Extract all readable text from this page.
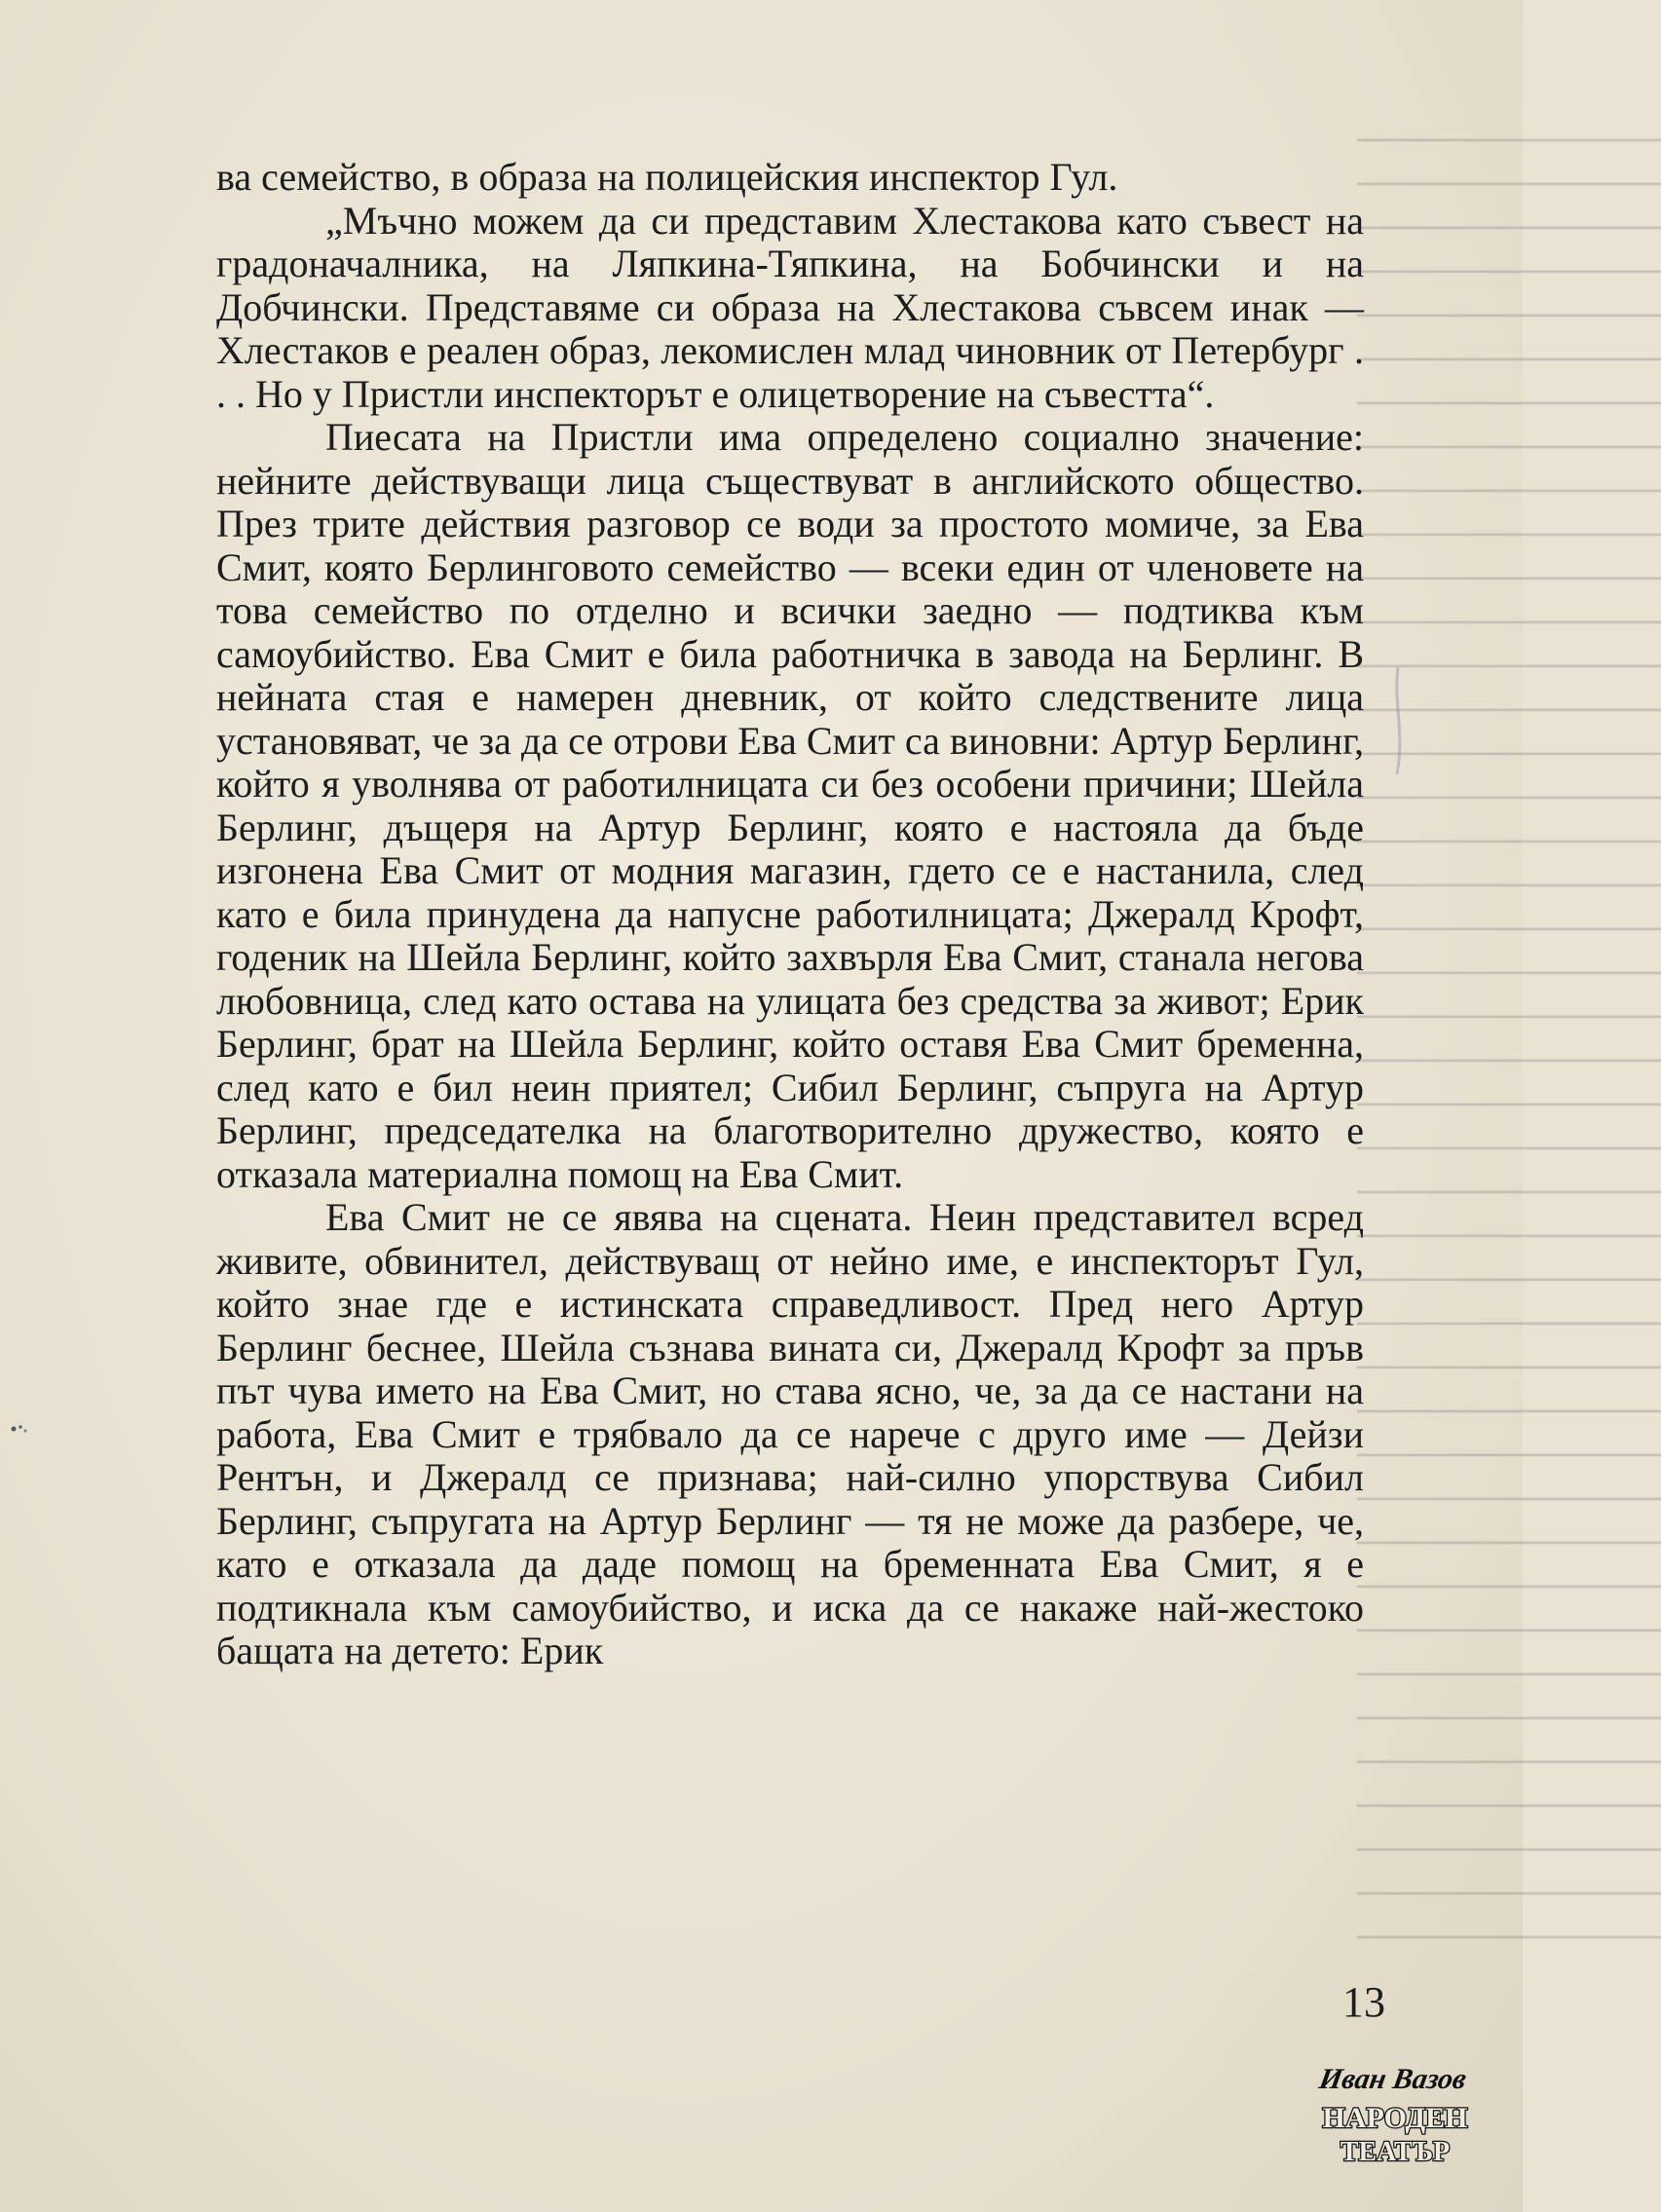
───────────
───────────
───────────
───────────
───────────
───────────
───────────
───────────
───────────
───────────
───────────
───────────
───────────
───────────
───────────
───────────
───────────
───────────
───────────
───────────
───────────
───────────
───────────
───────────
───────────
───────────
───────────
───────────
───────────
───────────
───────────
───────────
───────────
───────────
───────────
───────────
───────────
───────────
───────────
───────────
───────────
───────────

ва семейство, в образа на полицейския инспектор Гул.

„Мъчно можем да си представим Хлестакова като съвест на градоначалника, на Ляпкина-Тяпкина, на Бобчински и на Добчински. Представяме си образа на Хлестакова съвсем инак — Хлестаков е реален образ, лекомислен млад чиновник от Петербург . . . Но у Пристли инспекторът е олицетворение на съвестта“.

Пиесата на Пристли има определено социално значение: нейните действуващи лица съществуват в английското общество. През трите действия разговор се води за простото момиче, за Ева Смит, която Берлинговото семейство — всеки един от членовете на това семейство по отделно и всички заедно — подтиква към самоубийство. Ева Смит е била работничка в завода на Берлинг. В нейната стая е намерен дневник, от който следствените лица установяват, че за да се отрови Ева Смит са виновни: Артур Берлинг, който я уволнява от работилницата си без особени причини; Шейла Берлинг, дъщеря на Артур Берлинг, която е настояла да бъде изгонена Ева Смит от модния магазин, гдето се е настанила, след като е била принудена да напусне работилницата; Джералд Крофт, годеник на Шейла Берлинг, който захвърля Ева Смит, станала негова любовница, след като остава на улицата без средства за живот; Ерик Берлинг, брат на Шейла Берлинг, който оставя Ева Смит бременна, след като е бил неин приятел; Сибил Берлинг, съпруга на Артур Берлинг, председателка на благотворително дружество, която е отказала материална помощ на Ева Смит.

Ева Смит не се явява на сцената. Неин представител всред живите, обвинител, действуващ от нейно име, е инспекторът Гул, който знае где е истинската справедливост. Пред него Артур Берлинг беснее, Шейла съзнава вината си, Джералд Крофт за пръв път чува името на Ева Смит, но става ясно, че, за да се настани на работа, Ева Смит е трябвало да се нарече с друго име — Дейзи Рентън, и Джералд се признава; най-силно упорствува Сибил Берлинг, съпругата на Артур Берлинг — тя не може да разбере, че, като е отказала да даде помощ на бременната Ева Смит, я е подтикнала към самоубийство, и иска да се накаже най-жестоко бащата на детето: Ерик

13
Иван Вазов
НАРОДЕН
ТЕАТЪР
